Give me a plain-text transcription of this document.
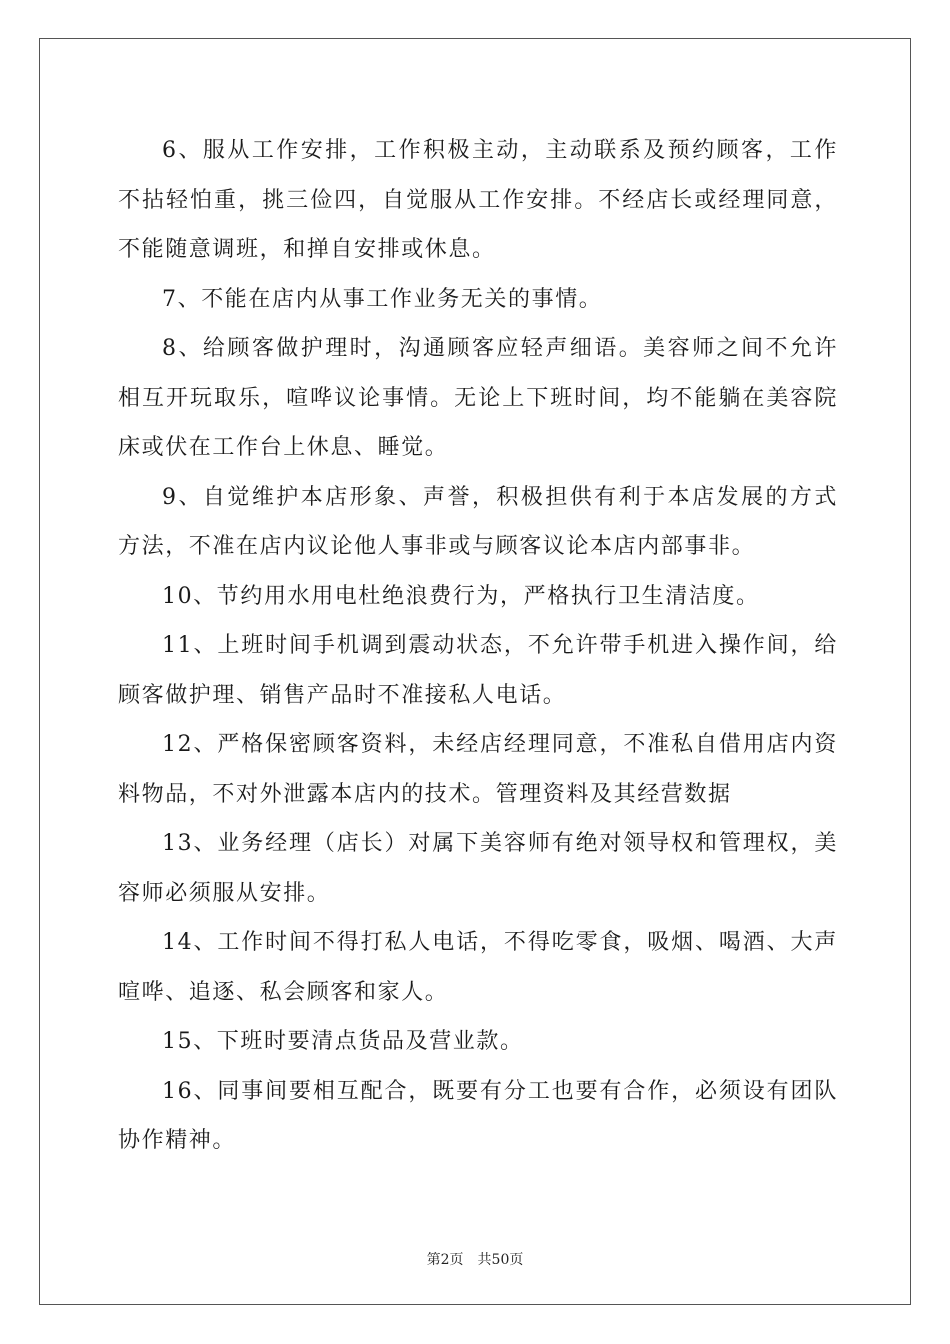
6、服从工作安排，工作积极主动，主动联系及预约顾客，工作不拈轻怕重，挑三俭四，自觉服从工作安排。不经店长或经理同意，不能随意调班，和掸自安排或休息。

7、不能在店内从事工作业务无关的事情。

8、给顾客做护理时，沟通顾客应轻声细语。美容师之间不允许相互开玩取乐，喧哗议论事情。无论上下班时间，均不能躺在美容院床或伏在工作台上休息、睡觉。

9、自觉维护本店形象、声誉，积极担供有利于本店发展的方式方法，不准在店内议论他人事非或与顾客议论本店内部事非。

10、节约用水用电杜绝浪费行为，严格执行卫生清洁度。

11、上班时间手机调到震动状态，不允许带手机进入操作间，给顾客做护理、销售产品时不准接私人电话。

12、严格保密顾客资料，未经店经理同意，不准私自借用店内资料物品，不对外泄露本店内的技术。管理资料及其经营数据

13、业务经理（店长）对属下美容师有绝对领导权和管理权，美容师必须服从安排。

14、工作时间不得打私人电话，不得吃零食，吸烟、喝酒、大声喧哗、追逐、私会顾客和家人。

15、下班时要清点货品及营业款。

16、同事间要相互配合，既要有分工也要有合作，必须设有团队协作精神。

第2页 共50页
